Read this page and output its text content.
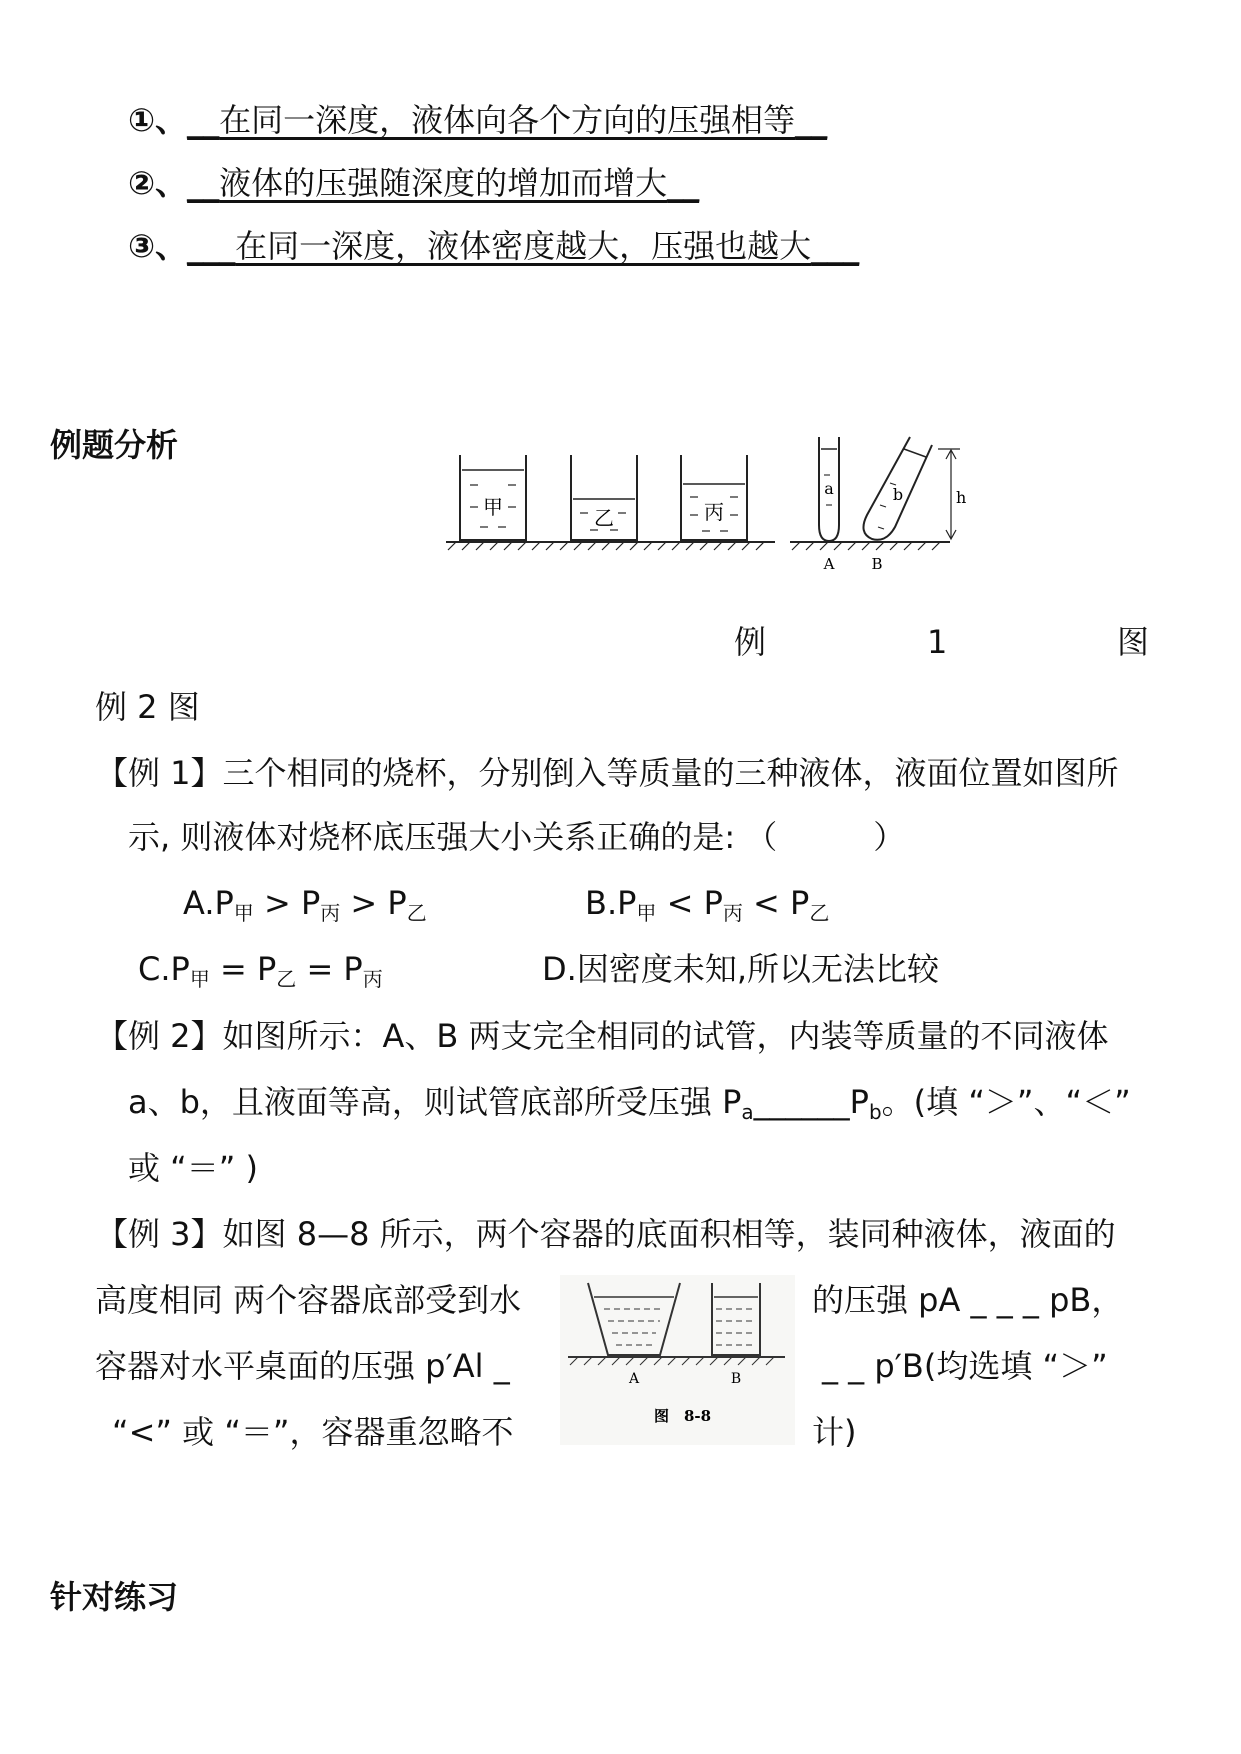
①、__在同一深度，液体向各个方向的压强相等__
②、__液体的压强随深度的增加而增大__
③、___在同一深度，液体密度越大，压强也越大___
例题分析
甲	乙	丙
a	b	h
A B
例	1	图
例 2 图
【例 1】三个相同的烧杯，分别倒入等质量的三种液体，液面位置如图所
示, 则液体对烧杯底压强大小关系正确的是: （　　　）
$A.P_甲 > P_丙 > P_乙$	$B.P_甲 < P_丙 < P_乙$
$C.P_甲 = P_乙 = P_丙$	D.因密度未知,所以无法比较
【例 2】如图所示：A、B 两支完全相同的试管，内装等质量的不同液体
a、b，且液面等高，则试管底部所受压强 $P_a\_\_\_\_\_\_P_b$。(填 “＞”、“＜”
或 “＝” )
【例 3】如图 8—8 所示，两个容器的底面积相等，装同种液体，液面的
高度相同 两个容器底部受到水
容器对水平桌面的压强 p′Al _
“<” 或 “＝”，容器重忽略不
的压强 pA _ _ _ pB，
_ _ p′B(均选填 “＞”
计)
A	B
图　8-8
针对练习
